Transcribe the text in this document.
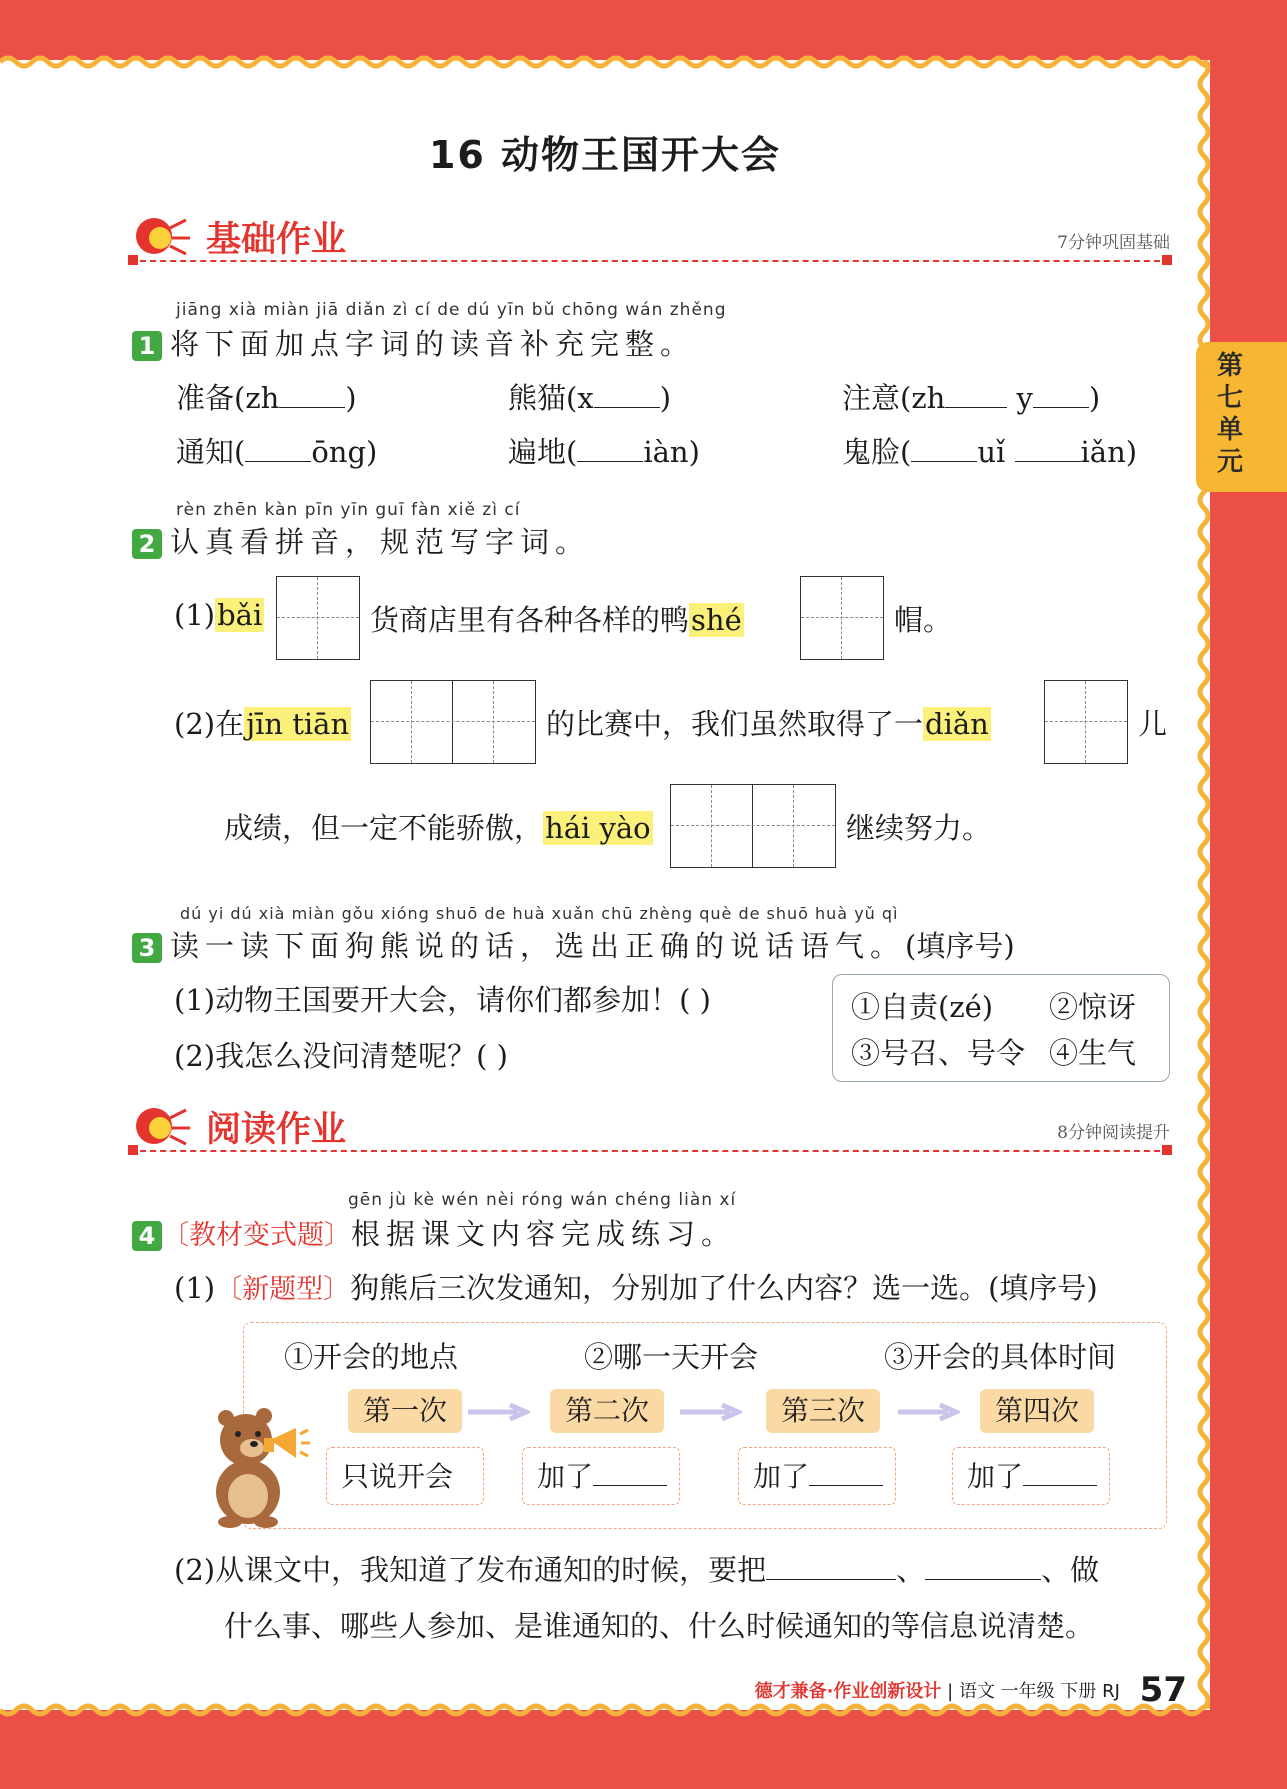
第七单元
16 动物王国开大会
基础作业	7分钟巩固基础
jiāng xià miàn jiā diǎn zì cí de dú yīn bǔ chōng wán zhěng
1 将下面加点字词的读音补充完整。
准备(zh )	熊猫(x )	注意(zh y )
通知( ōng)	遍地( iàn)	鬼脸( uǐ	iǎn)
rèn zhēn kàn pīn yīn guī fàn xiě zì cí
2 认真看拼音，规范写字词。
(1)bǎi	货商店里有各种各样的鸭shé	帽。
(2)在jīn tiān	的比赛中，我们虽然取得了一diǎn	儿
成绩，但一定不能骄傲，hái yào	继续努力。
dú yi dú xià miàn gǒu xióng shuō de huà xuǎn chū zhèng què de shuō huà yǔ qì
3 读一读下面狗熊说的话，选出正确的说话语气。(填序号)
(1)动物王国要开大会，请你们都参加！( )
(2)我怎么没问清楚呢？( )
①自责(zé) ②惊讶
③号召、号令 ④生气
阅读作业	8分钟阅读提升
gēn jù kè wén nèi róng wán chéng liàn xí
4 〔教材变式题〕根据课文内容完成练习。
(1)〔新题型〕狗熊后三次发通知，分别加了什么内容？选一选。(填序号)
①开会的地点	②哪一天开会	③开会的具体时间
第一次	第二次	第三次	第四次
只说开会	加了	加了	加了
(2)从课文中，我知道了发布通知的时候，要把	、	、做
什么事、哪些人参加、是谁通知的、什么时候通知的等信息说清楚。
德才兼备·作业创新设计 | 语文 一年级 下册 RJ 57
